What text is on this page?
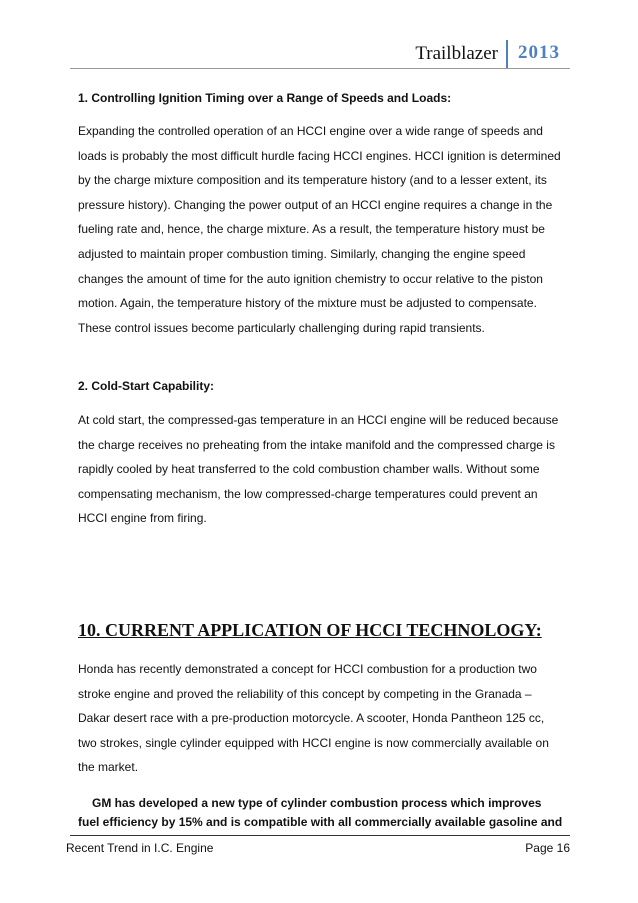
Trailblazer 2013
1. Controlling Ignition Timing over a Range of Speeds and Loads:
Expanding the controlled operation of an HCCI engine over a wide range of speeds and loads is probably the most difficult hurdle facing HCCI engines. HCCI ignition is determined by the charge mixture composition and its temperature history (and to a lesser extent, its pressure history). Changing the power output of an HCCI engine requires a change in the fueling rate and, hence, the charge mixture. As a result, the temperature history must be adjusted to maintain proper combustion timing. Similarly, changing the engine speed changes the amount of time for the auto ignition chemistry to occur relative to the piston motion. Again, the temperature history of the mixture must be adjusted to compensate. These control issues become particularly challenging during rapid transients.
2. Cold-Start Capability:
At cold start, the compressed-gas temperature in an HCCI engine will be reduced because the charge receives no preheating from the intake manifold and the compressed charge is rapidly cooled by heat transferred to the cold combustion chamber walls. Without some compensating mechanism, the low compressed-charge temperatures could prevent an HCCI engine from firing.
10. CURRENT APPLICATION OF HCCI TECHNOLOGY:
Honda has recently demonstrated a concept for HCCI combustion for a production two stroke engine and proved the reliability of this concept by competing in the Granada –Dakar desert race with a pre-production motorcycle. A scooter, Honda Pantheon 125 cc, two strokes, single cylinder equipped with HCCI engine is now commercially available on the market.
GM has developed a new type of cylinder combustion process which improves fuel efficiency by 15% and is compatible with all commercially available gasoline and
Recent Trend in I.C. Engine	Page 16
